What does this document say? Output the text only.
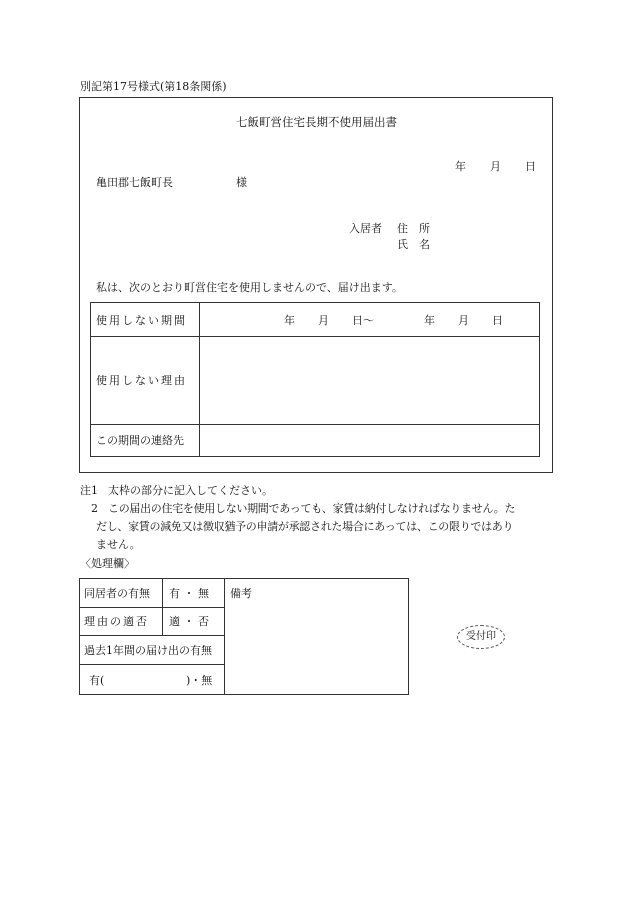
別記第17号様式(第18条関係)
七飯町営住宅長期不使用届出書
年 月 日
亀田郡七飯町長	様
入居者 住　所
氏　名
私は、次のとおり町営住宅を使用しませんので、届け出ます。
使用しない期間	年 月 日〜	年 月 日
使用しない理由
この期間の連絡先
注1 太枠の部分に記入してください。
2 この届出の住宅を使用しない期間であっても、家賃は納付しなければなりません。た
だし、家賃の減免又は徴収猶予の申請が承認された場合にあっては、この限りではあり
ません。
〈処理欄〉
同居者の有無 有 ・ 無
理由の適否 適 ・ 否
過去1年間の届け出の有無
有(	)・無
備考
受付印
